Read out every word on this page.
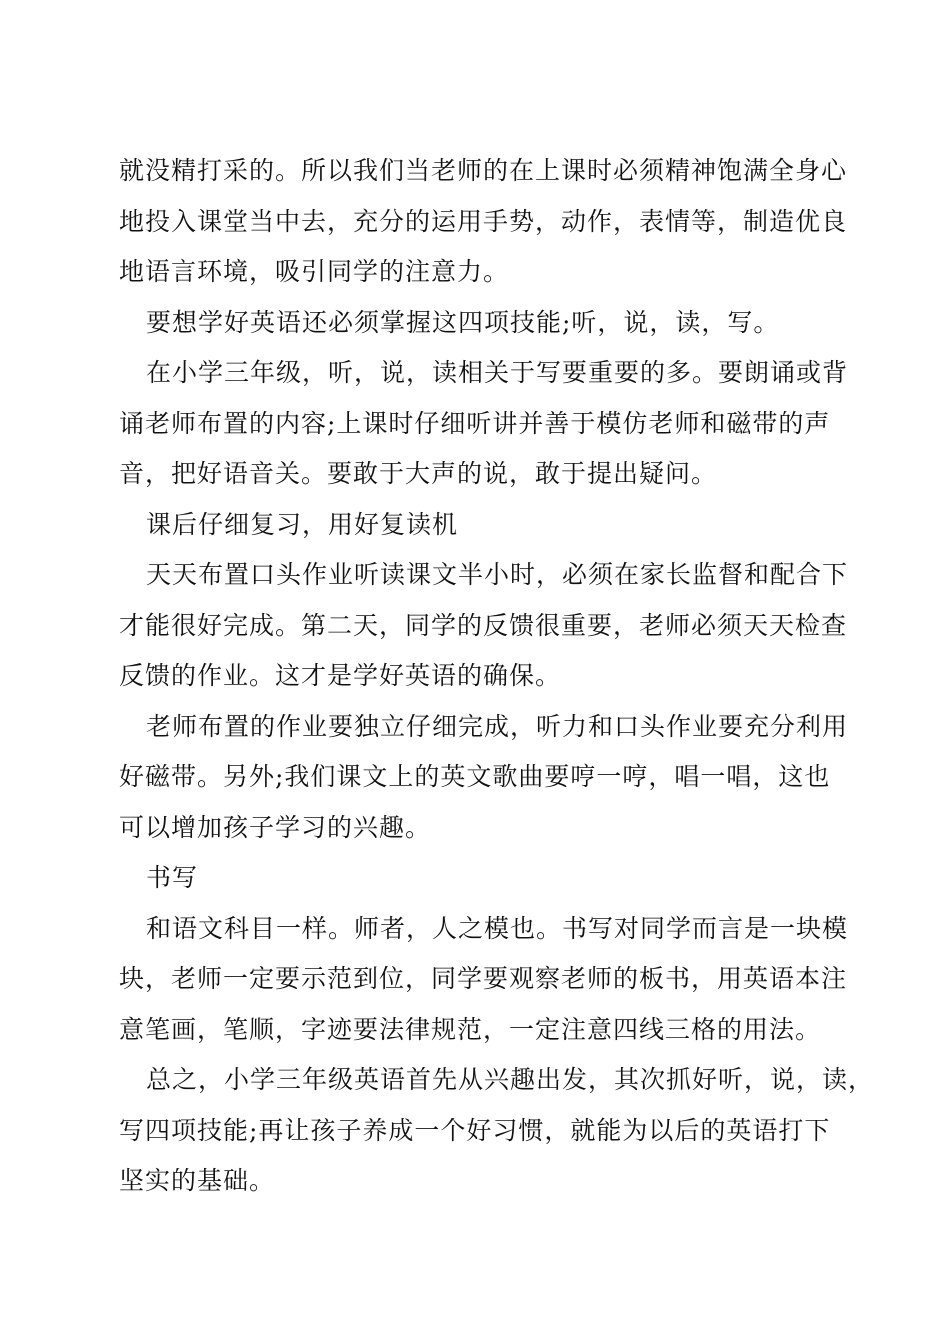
就没精打采的。所以我们当老师的在上课时必须精神饱满全身心
地投入课堂当中去，充分的运用手势，动作，表情等，制造优良
地语言环境，吸引同学的注意力。
要想学好英语还必须掌握这四项技能;听，说，读，写。
在小学三年级，听，说，读相关于写要重要的多。要朗诵或背
诵老师布置的内容;上课时仔细听讲并善于模仿老师和磁带的声
音，把好语音关。要敢于大声的说，敢于提出疑问。
课后仔细复习，用好复读机
天天布置口头作业听读课文半小时，必须在家长监督和配合下
才能很好完成。第二天，同学的反馈很重要，老师必须天天检查
反馈的作业。这才是学好英语的确保。
老师布置的作业要独立仔细完成，听力和口头作业要充分利用
好磁带。另外;我们课文上的英文歌曲要哼一哼，唱一唱，这也
可以增加孩子学习的兴趣。
书写
和语文科目一样。师者，人之模也。书写对同学而言是一块模
块，老师一定要示范到位，同学要观察老师的板书，用英语本注
意笔画，笔顺，字迹要法律规范，一定注意四线三格的用法。
总之，小学三年级英语首先从兴趣出发，其次抓好听，说，读，
写四项技能;再让孩子养成一个好习惯，就能为以后的英语打下
坚实的基础。
